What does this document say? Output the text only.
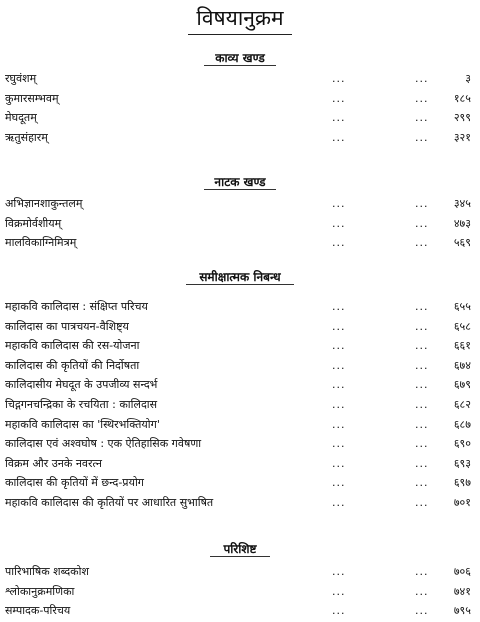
विषयानुक्रम
काव्य खण्ड
रघुवंशम्	...	...	३
कुमारसम्भवम्	...	... १८५
मेघदूतम्	...	... २९९
ऋतुसंहारम्	...	... ३२१
नाटक खण्ड
अभिज्ञानशाकुन्तलम्	...	... ३४५
विक्रमोर्वशीयम्	...	... ४७३
मालविकाग्निमित्रम्	...	... ५६९
समीक्षात्मक निबन्ध
महाकवि कालिदास : संक्षिप्त परिचय	...	... ६५५
कालिदास का पात्रचयन-वैशिष्ट्य	...	... ६५८
महाकवि कालिदास की रस-योजना	...	... ६६१
कालिदास की कृतियों की निर्दोषता	...	... ६७४
कालिदासीय मेघदूत के उपजीव्य सन्दर्भ	...	... ६७९
चिद्गगनचन्द्रिका के रचयिता : कालिदास	...	... ६८२
महाकवि कालिदास का 'स्थिरभक्तियोग'	...	... ६८७
कालिदास एवं अश्वघोष : एक ऐतिहासिक गवेषणा	...	... ६९०
विक्रम और उनके नवरत्न	...	... ६९३
कालिदास की कृतियों में छन्द-प्रयोग	...	... ६९७
महाकवि कालिदास की कृतियों पर आधारित सुभाषित	...	... ७०१
परिशिष्ट
पारिभाषिक शब्दकोश	...	... ७०६
श्लोकानुक्रमणिका	...	... ७४१
सम्पादक-परिचय	...	... ७९५
